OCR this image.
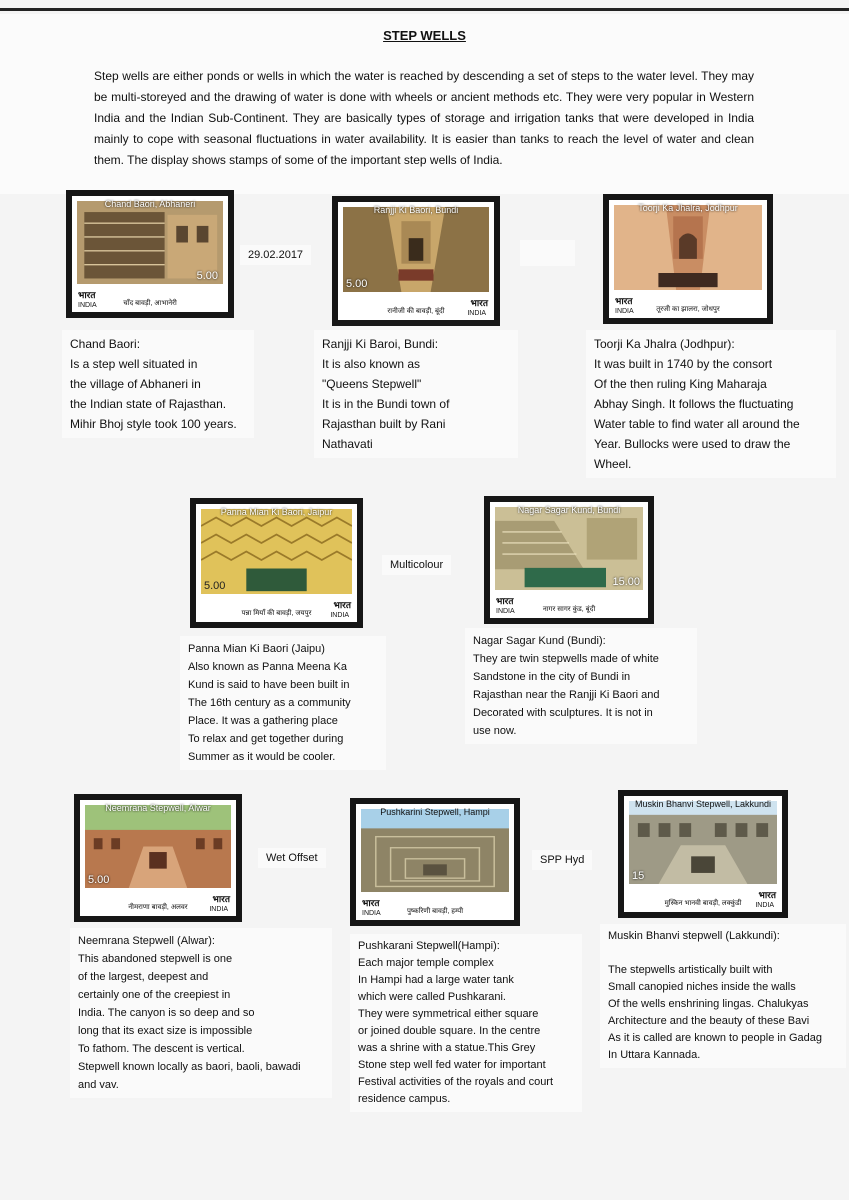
STEP WELLS
Step wells are either ponds or wells in which the water is reached by descending a set of steps to the water level. They may be multi-storeyed and the drawing of water is done with wheels or ancient methods etc. They were very popular in Western India and the Indian Sub-Continent. They are basically types of storage and irrigation tanks that were developed in India mainly to cope with seasonal fluctuations in water availability. It is easier than tanks to reach the level of water and clean them. The display shows stamps of some of the important step wells of India.
Chand Baori, Abhaneri
5.00
भारत
INDIA	चाँद बावड़ी, आभानेरी
29.02.2017
Ranjji Ki Baori, Bundi
5.00
भारत
INDIA
रानीजी की बावड़ी, बूंदी
Toorji Ka Jhalra, Jodhpur
भारत
INDIA	तूरजी का झालरा, जोधपुर
Chand Baori:
Is a step well situated in
the village of Abhaneri in
the Indian state of Rajasthan.
Mihir Bhoj style took 100 years.
Ranjji Ki Baroi, Bundi:
It is also known as
"Queens Stepwell"
It is in the Bundi town of
Rajasthan built by Rani
Nathavati
Toorji Ka Jhalra (Jodhpur):
It was built in 1740 by the consort
Of the then ruling King Maharaja
Abhay Singh. It follows the fluctuating
Water table to find water all around the
Year. Bullocks were used to draw the
Wheel.
Panna Mian Ki Baori, Jaipur
5.00
भारत
INDIA
पन्ना मियाँ की बावड़ी, जयपुर
Multicolour
Nagar Sagar Kund, Bundi
15.00
भारत
INDIA	नागर सागर कुंड, बूंदी
Panna Mian Ki Baori (Jaipu)
Also known as Panna Meena Ka
Kund is said to have been built in
The 16th century as a community
Place. It was a gathering place
To relax and get together during
Summer as it would be cooler.
Nagar Sagar Kund (Bundi):
They are twin stepwells made of white
Sandstone in the city of Bundi in
Rajasthan near the Ranjji Ki Baori and
Decorated with sculptures. It is not in
use now.
Neemrana Stepwell, Alwar
5.00
भारत
INDIA
नीमराणा बावड़ी, अलवर
Wet Offset
Pushkarini Stepwell, Hampi
भारत
INDIA	पुष्करिणी बावड़ी, हम्पी
SPP Hyd
Muskin Bhanvi Stepwell, Lakkundi
15
भारत
INDIA
मुस्किन भानवी बावड़ी, लक्कुंडी
Neemrana Stepwell (Alwar):
This abandoned stepwell is one
of the largest, deepest and
certainly one of the creepiest in
India. The canyon is so deep and so
long that its exact size is impossible
To fathom. The descent is vertical.
Stepwell known locally as baori, baoli, bawadi
and vav.
Pushkarani Stepwell(Hampi):
Each major temple complex
In Hampi had a large water tank
which were called Pushkarani.
They were symmetrical either square
or joined double square. In the centre
was a shrine with a statue.This Grey
Stone step well fed water for important
Festival activities of the royals and court
residence campus.
Muskin Bhanvi stepwell (Lakkundi):

The stepwells artistically built with
Small canopied niches inside the walls
Of the wells enshrining lingas. Chalukyas
Architecture and the beauty of these Bavi
As it is called are known to people in Gadag
In Uttara Kannada.
